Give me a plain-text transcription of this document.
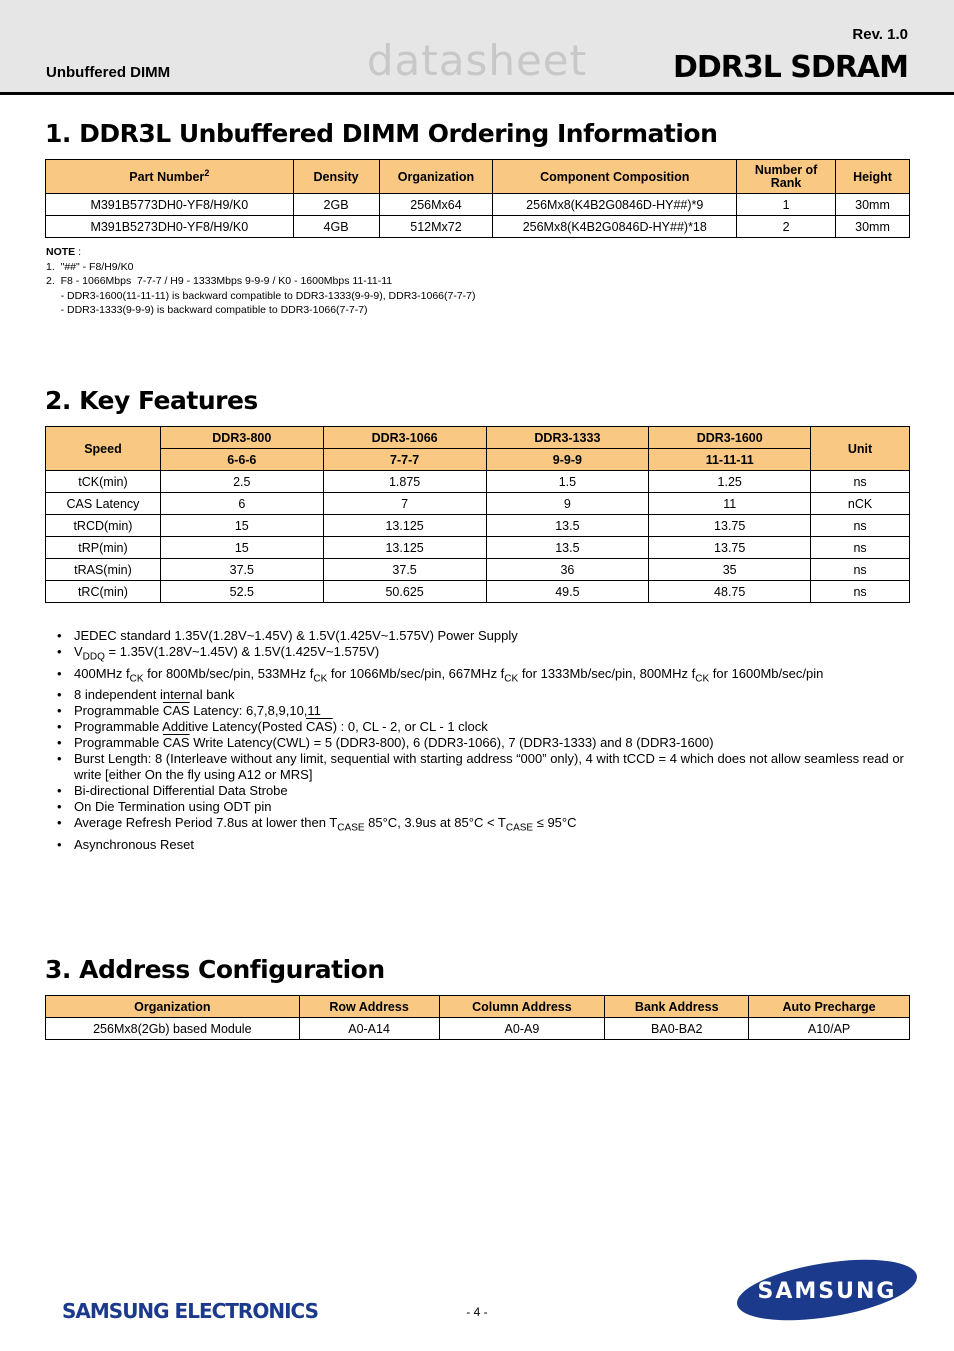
Unbuffered DIMM	datasheet
Rev. 1.0
DDR3L SDRAM
1. DDR3L Unbuffered DIMM Ordering Information
Part Number$^2$	Density	Organization	Component Composition	Number of Rank	Height
M391B5773DH0-YF8/H9/K0	2GB	256Mx64	256Mx8(K4B2G0846D-HY##)*9	1	30mm
M391B5273DH0-YF8/H9/K0	4GB	512Mx72	256Mx8(K4B2G0846D-HY##)*18	2	30mm
NOTE :
1.  "##" - F8/H9/K0
2.  F8 - 1066Mbps  7-7-7 / H9 - 1333Mbps 9-9-9 / K0 - 1600Mbps 11-11-11
- DDR3-1600(11-11-11) is backward compatible to DDR3-1333(9-9-9), DDR3-1066(7-7-7)
- DDR3-1333(9-9-9) is backward compatible to DDR3-1066(7-7-7)
2. Key Features
Speed	DDR3-800	DDR3-1066	DDR3-1333	DDR3-1600	Unit
	6-6-6	7-7-7	9-9-9	11-11-11	
tCK(min)	2.5	1.875	1.5	1.25	ns
CAS Latency	6	7	9	11	nCK
tRCD(min)	15	13.125	13.5	13.75	ns
tRP(min)	15	13.125	13.5	13.75	ns
tRAS(min)	37.5	37.5	36	35	ns
tRC(min)	52.5	50.625	49.5	48.75	ns
• JEDEC standard 1.35V(1.28V~1.45V) & 1.5V(1.425V~1.575V) Power Supply
• $V_{DDQ}$ = 1.35V(1.28V~1.45V) & 1.5V(1.425V~1.575V)
• 400MHz $f_{CK}$ for 800Mb/sec/pin, 533MHz $f_{CK}$ for 1066Mb/sec/pin, 667MHz $f_{CK}$ for 1333Mb/sec/pin, 800MHz $f_{CK}$ for 1600Mb/sec/pin
• 8 independent internal bank
• Programmable $\overline{CAS}$ Latency: 6,7,8,9,10,11
• Programmable Additive Latency(Posted $\overline{CAS}$) : 0, CL - 2, or CL - 1 clock
• Programmable $\overline{CAS}$ Write Latency(CWL) = 5 (DDR3-800), 6 (DDR3-1066), 7 (DDR3-1333) and 8 (DDR3-1600)
• Burst Length: 8 (Interleave without any limit, sequential with starting address “000” only), 4 with tCCD = 4 which does not allow seamless read or write [either On the fly using A12 or MRS]
• Bi-directional Differential Data Strobe
• On Die Termination using ODT pin
• Average Refresh Period 7.8us at lower then $T_{CASE}$ 85°C, 3.9us at $85^\circ C < T_{CASE} \le 95^\circ C$
• Asynchronous Reset
3. Address Configuration
Organization	Row Address	Column Address	Bank Address	Auto Precharge
256Mx8(2Gb) based Module	A0-A14	A0-A9	BA0-BA2	A10/AP
SAMSUNG ELECTRONICS	- 4 -
SAMSUNG
